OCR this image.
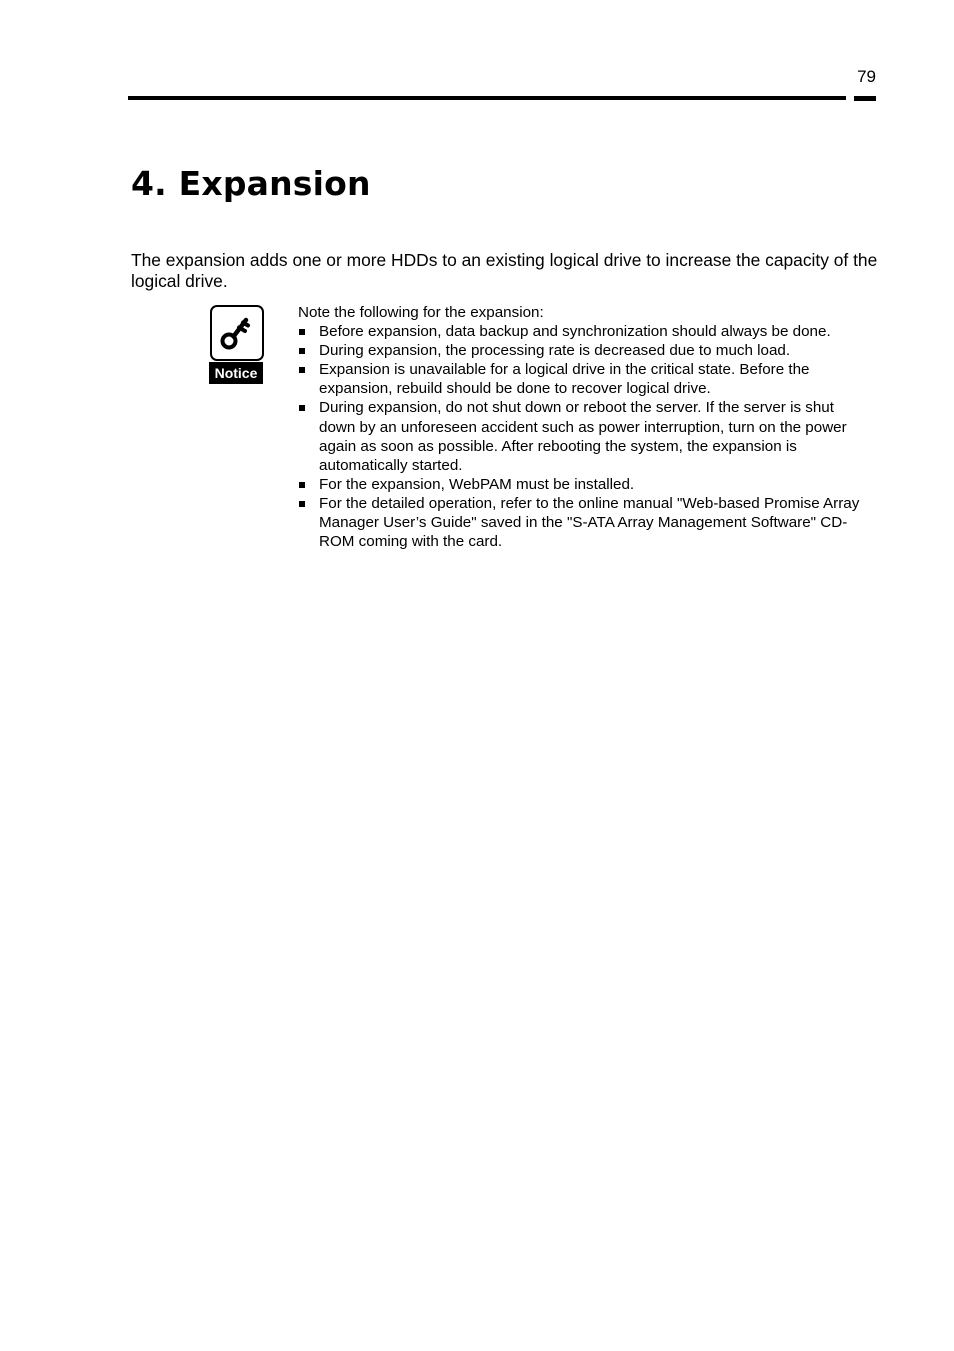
79
4. Expansion

The expansion adds one or more HDDs to an existing logical drive to increase the capacity of the logical drive.

Notice

Note the following for the expansion:

Before expansion, data backup and synchronization should always be done.
During expansion, the processing rate is decreased due to much load.
Expansion is unavailable for a logical drive in the critical state. Before the expansion, rebuild should be done to recover logical drive.
During expansion, do not shut down or reboot the server. If the server is shut down by an unforeseen accident such as power interruption, turn on the power again as soon as possible. After rebooting the system, the expansion is automatically started.
For the expansion, WebPAM must be installed.
For the detailed operation, refer to the online manual "Web-based Promise Array Manager User’s Guide" saved in the "S-ATA Array Management Software" CD-ROM coming with the card.
